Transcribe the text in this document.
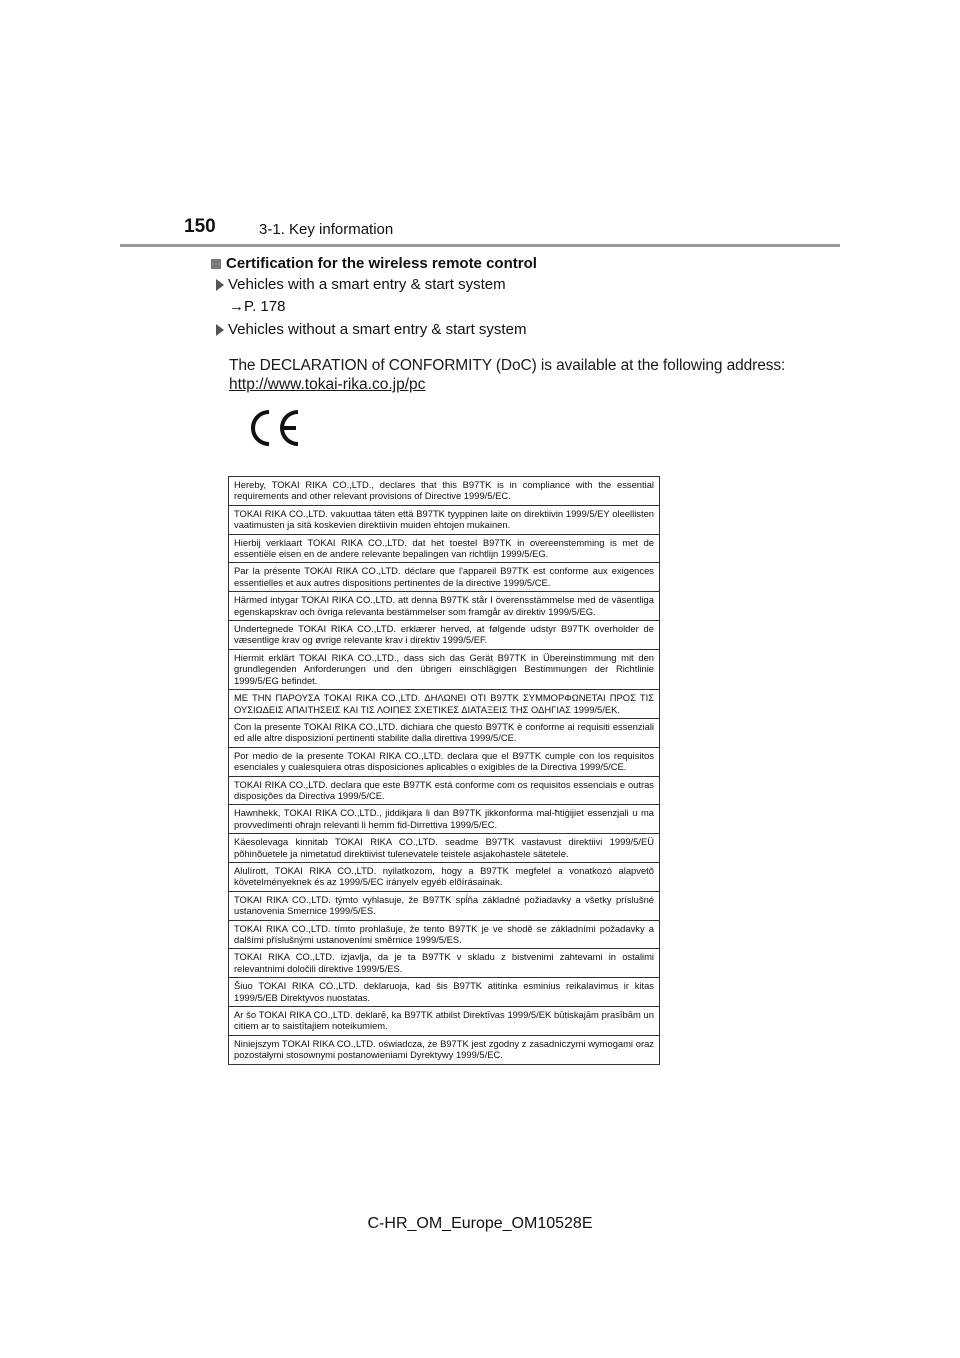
150	3-1. Key information
Certification for the wireless remote control
Vehicles with a smart entry & start system
→P. 178
Vehicles without a smart entry & start system
The DECLARATION of CONFORMITY (DoC) is available at the following address:
http://www.tokai-rika.co.jp/pc
Hereby, TOKAI RIKA CO.,LTD., declares that this B97TK is in compliance with the essential requirements and other relevant provisions of Directive 1999/5/EC.
TOKAI RIKA CO.,LTD. vakuuttaa täten että B97TK tyyppinen laite on direktiivin 1999/5/EY oleellisten vaatimusten ja sitä koskevien direktiivin muiden ehtojen mukainen.
Hierbij verklaart TOKAI RIKA CO.,LTD. dat het toestel B97TK in overeenstemming is met de essentiële eisen en de andere relevante bepalingen van richtlijn 1999/5/EG.
Par la présente TOKAI RIKA CO.,LTD. déclare que l'appareil B97TK est conforme aux exigences essentielles et aux autres dispositions pertinentes de la directive 1999/5/CE.
Härmed intygar TOKAI RIKA CO.,LTD. att denna B97TK står I överensstämmelse med de väsentliga egenskapskrav och övriga relevanta bestämmelser som framgår av direktiv 1999/5/EG.
Undertegnede TOKAI RIKA CO.,LTD. erklærer herved, at følgende udstyr B97TK overholder de væsentlige krav og øvrige relevante krav i direktiv 1999/5/EF.
Hiermit erklärt TOKAI RIKA CO.,LTD., dass sich das Gerät B97TK in Übereinstimmung mit den grundlegenden Anforderungen und den übrigen einschlägigen Bestimmungen der Richtlinie 1999/5/EG befindet.
ΜΕ ΤΗΝ ΠΑΡΟΥΣΑ TOKAI RIKA CO.,LTD. ΔΗΛΩΝΕΙ ΟΤΙ B97TK ΣΥΜΜΟΡΦΩΝΕΤΑΙ ΠΡΟΣ ΤΙΣ ΟΥΣΙΩΔΕΙΣ ΑΠΑΙΤΗΣΕΙΣ ΚΑΙ ΤΙΣ ΛΟΙΠΕΣ ΣΧΕΤΙΚΕΣ ΔΙΑΤΑΞΕΙΣ ΤΗΣ ΟΔΗΓΙΑΣ 1999/5/ΕΚ.
Con la presente TOKAI RIKA CO.,LTD. dichiara che questo B97TK è conforme ai requisiti essenziali ed alle altre disposizioni pertinenti stabilite dalla direttiva 1999/5/CE.
Por medio de la presente TOKAI RIKA CO.,LTD. declara que el B97TK cumple con los requisitos esenciales y cualesquiera otras disposiciones aplicables o exigibles de la Directiva 1999/5/CE.
TOKAI RIKA CO.,LTD. declara que este B97TK está conforme com os requisitos essenciais e outras disposições da Directiva 1999/5/CE.
Hawnhekk, TOKAI RIKA CO.,LTD., jiddikjara li dan B97TK jikkonforma mal-ħtiġijiet essenzjali u ma provvedimenti oħrajn relevanti li hemm fid-Dirrettiva 1999/5/EC.
Käesolevaga kinnitab TOKAI RIKA CO.,LTD. seadme B97TK vastavust direktiivi 1999/5/EÜ põhinõuetele ja nimetatud direktiivist tulenevatele teistele asjakohastele sätetele.
Alulírott, TOKAI RIKA CO.,LTD. nyilatkozom, hogy a B97TK megfelel a vonatkozó alapvetõ követelményeknek és az 1999/5/EC irányelv egyéb elõírásainak.
TOKAI RIKA CO.,LTD. týmto vyhlasuje, že B97TK spĺňa základné požiadavky a všetky príslušné ustanovenia Smernice 1999/5/ES.
TOKAI RIKA CO.,LTD. tímto prohlašuje, že tento B97TK je ve shodě se základními požadavky a dalšími příslušnými ustanoveními směrnice 1999/5/ES.
TOKAI RIKA CO.,LTD. izjavlja, da je ta B97TK v skladu z bistvenimi zahtevami in ostalimi relevantnimi določili direktive 1999/5/ES.
Šiuo TOKAI RIKA CO.,LTD. deklaruoja, kad šis B97TK atitinka esminius reikalavimus ir kitas 1999/5/EB Direktyvos nuostatas.
Ar šo TOKAI RIKA CO.,LTD. deklarē, ka B97TK atbilst Direktīvas 1999/5/EK būtiskajām prasībām un citiem ar to saistītajiem noteikumiem.
Niniejszym TOKAI RIKA CO.,LTD. oświadcza, że B97TK jest zgodny z zasadniczymi wymogami oraz pozostałymi stosownymi postanowieniami Dyrektywy 1999/5/EC.
C-HR_OM_Europe_OM10528E
